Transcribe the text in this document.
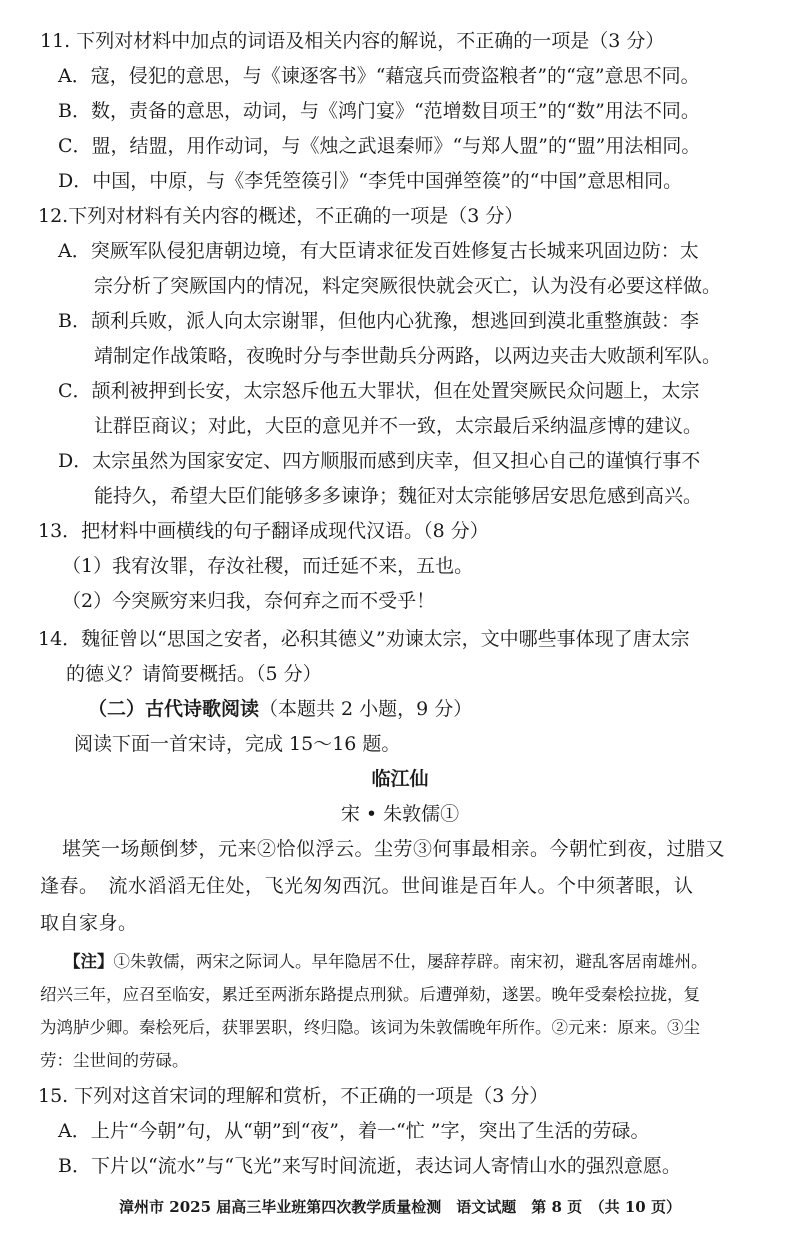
11. 下列对材料中加点的词语及相关内容的解说，不正确的一项是（3 分）
A．寇，侵犯的意思，与《谏逐客书》“藉寇兵而赍盗粮者”的“寇”意思不同。
B．数，责备的意思，动词，与《鸿门宴》“范增数目项王”的“数”用法不同。
C．盟，结盟，用作动词，与《烛之武退秦师》“与郑人盟”的“盟”用法相同。
D．中国，中原，与《李凭箜篌引》“李凭中国弹箜篌”的“中国”意思相同。
12.下列对材料有关内容的概述，不正确的一项是（3 分）
A．突厥军队侵犯唐朝边境，有大臣请求征发百姓修复古长城来巩固边防：太
宗分析了突厥国内的情况，料定突厥很快就会灭亡，认为没有必要这样做。
B．颉利兵败，派人向太宗谢罪，但他内心犹豫，想逃回到漠北重整旗鼓：李
靖制定作战策略，夜晚时分与李世勣兵分两路，以两边夹击大败颉利军队。
C．颉利被押到长安，太宗怒斥他五大罪状，但在处置突厥民众问题上，太宗
让群臣商议；对此，大臣的意见并不一致，太宗最后采纳温彦博的建议。
D．太宗虽然为国家安定、四方顺服而感到庆幸，但又担心自己的谨慎行事不
能持久，希望大臣们能够多多谏诤；魏征对太宗能够居安思危感到高兴。
13．把材料中画横线的句子翻译成现代汉语。（8 分）
（1）我宥汝罪，存汝社稷，而迁延不来，五也。
（2）今突厥穷来归我，奈何弃之而不受乎！
14．魏征曾以“思国之安者，必积其德义”劝谏太宗，文中哪些事体现了唐太宗
的德义？请简要概括。（5 分）
（二）古代诗歌阅读（本题共 2 小题，9 分）
阅读下面一首宋诗，完成 15～16 题。
临江仙
宋 • 朱敦儒①
堪笑一场颠倒梦，元来②恰似浮云。尘劳③何事最相亲。今朝忙到夜，过腊又
逢春。　流水滔滔无住处，飞光匆匆西沉。世间谁是百年人。个中须著眼，认
取自家身。
【注】①朱敦儒，两宋之际词人。早年隐居不仕，屡辞荐辟。南宋初，避乱客居南雄州。
绍兴三年，应召至临安，累迁至两浙东路提点刑狱。后遭弹劾，遂罢。晚年受秦桧拉拢，复
为鸿胪少卿。秦桧死后，获罪罢职，终归隐。该词为朱敦儒晚年所作。②元来：原来。③尘
劳：尘世间的劳碌。
15. 下列对这首宋词的理解和赏析，不正确的一项是（3 分）
A．上片“今朝”句，从“朝”到“夜”，着一“忙 ”字，突出了生活的劳碌。
B．下片以“流水”与“飞光”来写时间流逝，表达词人寄情山水的强烈意愿。
漳州市 2025 届高三毕业班第四次教学质量检测　语文试题　第 8 页　（共 10 页）
